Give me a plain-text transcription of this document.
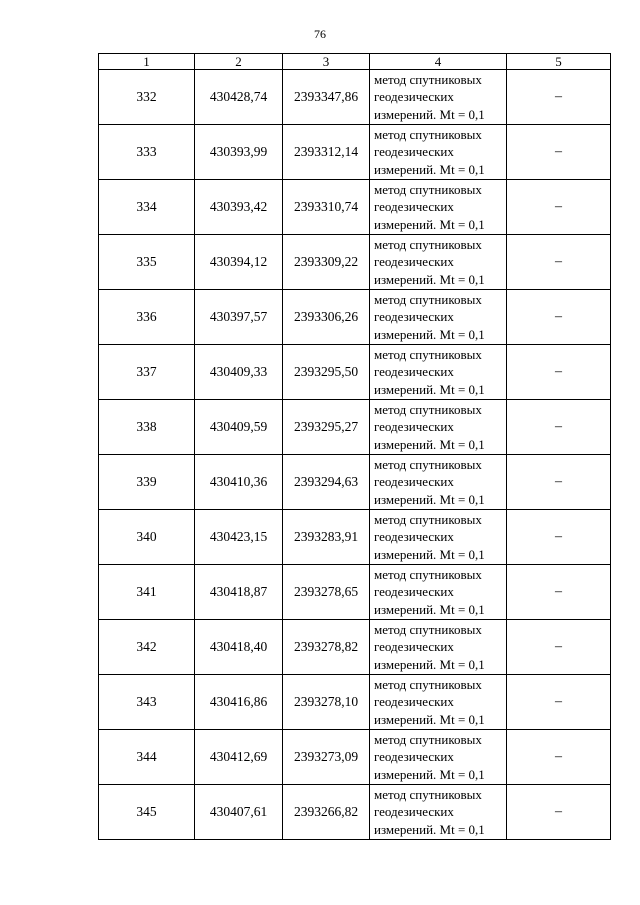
76
1	2	3	4	5
332	430428,74	2393347,86	метод спутниковых
геодезических
измерений. Mt = 0,1	–
333	430393,99	2393312,14	метод спутниковых
геодезических
измерений. Mt = 0,1	–
334	430393,42	2393310,74	метод спутниковых
геодезических
измерений. Mt = 0,1	–
335	430394,12	2393309,22	метод спутниковых
геодезических
измерений. Mt = 0,1	–
336	430397,57	2393306,26	метод спутниковых
геодезических
измерений. Mt = 0,1	–
337	430409,33	2393295,50	метод спутниковых
геодезических
измерений. Mt = 0,1	–
338	430409,59	2393295,27	метод спутниковых
геодезических
измерений. Mt = 0,1	–
339	430410,36	2393294,63	метод спутниковых
геодезических
измерений. Mt = 0,1	–
340	430423,15	2393283,91	метод спутниковых
геодезических
измерений. Mt = 0,1	–
341	430418,87	2393278,65	метод спутниковых
геодезических
измерений. Mt = 0,1	–
342	430418,40	2393278,82	метод спутниковых
геодезических
измерений. Mt = 0,1	–
343	430416,86	2393278,10	метод спутниковых
геодезических
измерений. Mt = 0,1	–
344	430412,69	2393273,09	метод спутниковых
геодезических
измерений. Mt = 0,1	–
345	430407,61	2393266,82	метод спутниковых
геодезических
измерений. Mt = 0,1	–
